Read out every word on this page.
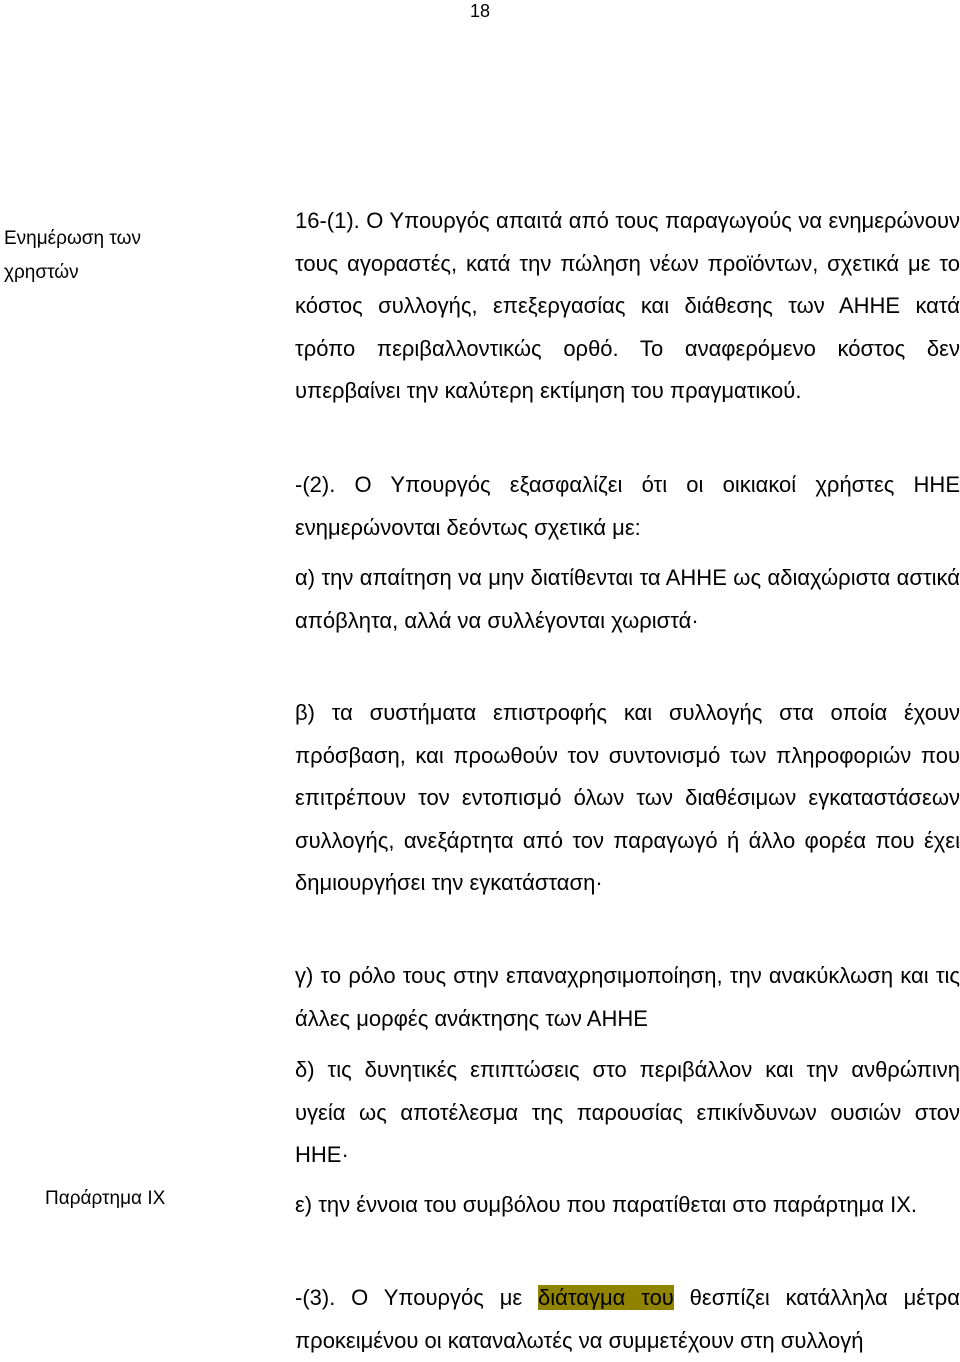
18
Ενημέρωση των χρηστών
Παράρτημα IX

16-(1). Ο Υπουργός απαιτά από τους παραγωγούς να ενημερώνουν τους αγοραστές, κατά την πώληση νέων προϊόντων, σχετικά με το κόστος συλλογής, επεξεργασίας και διάθεσης των ΑΗΗΕ κατά τρόπο περιβαλλοντικώς ορθό. Το αναφερόμενο κόστος δεν υπερβαίνει την καλύτερη εκτίμηση του πραγματικού.

-(2). Ο Υπουργός εξασφαλίζει ότι οι οικιακοί χρήστες ΗΗΕ ενημερώνονται δεόντως σχετικά με:

α) την απαίτηση να μην διατίθενται τα ΑΗΗΕ ως αδιαχώριστα αστικά απόβλητα, αλλά να συλλέγονται χωριστά·

β) τα συστήματα επιστροφής και συλλογής στα οποία έχουν πρόσβαση, και προωθούν τον συντονισμό των πληροφοριών που επιτρέπουν τον εντοπισμό όλων των διαθέσιμων εγκαταστάσεων συλλογής, ανεξάρτητα από τον παραγωγό ή άλλο φορέα που έχει δημιουργήσει την εγκατάσταση·

γ) το ρόλο τους στην επαναχρησιμοποίηση, την ανακύκλωση και τις άλλες μορφές ανάκτησης των ΑΗΗΕ

δ) τις δυνητικές επιπτώσεις στο περιβάλλον και την ανθρώπινη υγεία ως αποτέλεσμα της παρουσίας επικίνδυνων ουσιών στον ΗΗΕ·

ε) την έννοια του συμβόλου που παρατίθεται στο παράρτημα IX.

-(3). Ο Υπουργός με διάταγμα του θεσπίζει κατάλληλα μέτρα προκειμένου οι καταναλωτές να συμμετέχουν στη συλλογή
